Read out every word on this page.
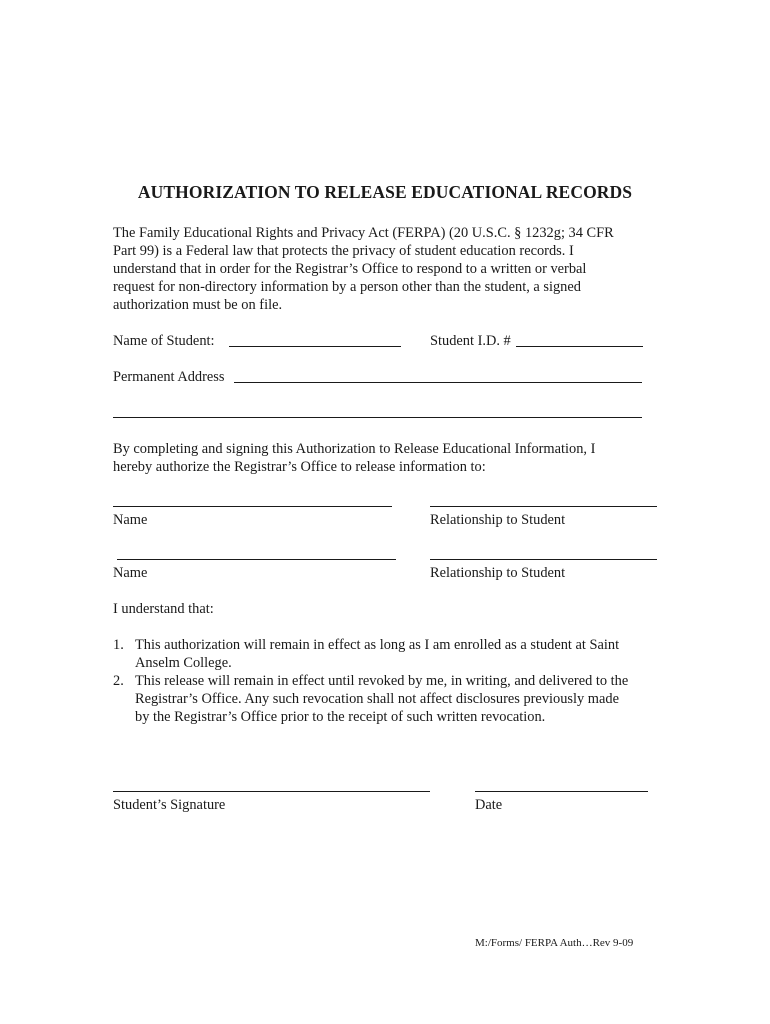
AUTHORIZATION TO RELEASE EDUCATIONAL RECORDS

The Family Educational Rights and Privacy Act (FERPA) (20 U.S.C. § 1232g; 34 CFR

Part 99) is a Federal law that protects the privacy of student education records. I

understand that in order for the Registrar’s Office to respond to a written or verbal

request for non-directory information by a person other than the student, a signed

authorization must be on file.

Name of Student:	Student I.D. #
Permanent Address

By completing and signing this Authorization to Release Educational Information, I

hereby authorize the Registrar’s Office to release information to:

Name	Relationship to Student
Name	Relationship to Student
I understand that:
1. This authorization will remain in effect as long as I am enrolled as a student at Saint
Anselm College.
2. This release will remain in effect until revoked by me, in writing, and delivered to the
Registrar’s Office. Any such revocation shall not affect disclosures previously made
by the Registrar’s Office prior to the receipt of such written revocation.
Student’s Signature	Date
M:/Forms/ FERPA Auth…Rev 9-09
